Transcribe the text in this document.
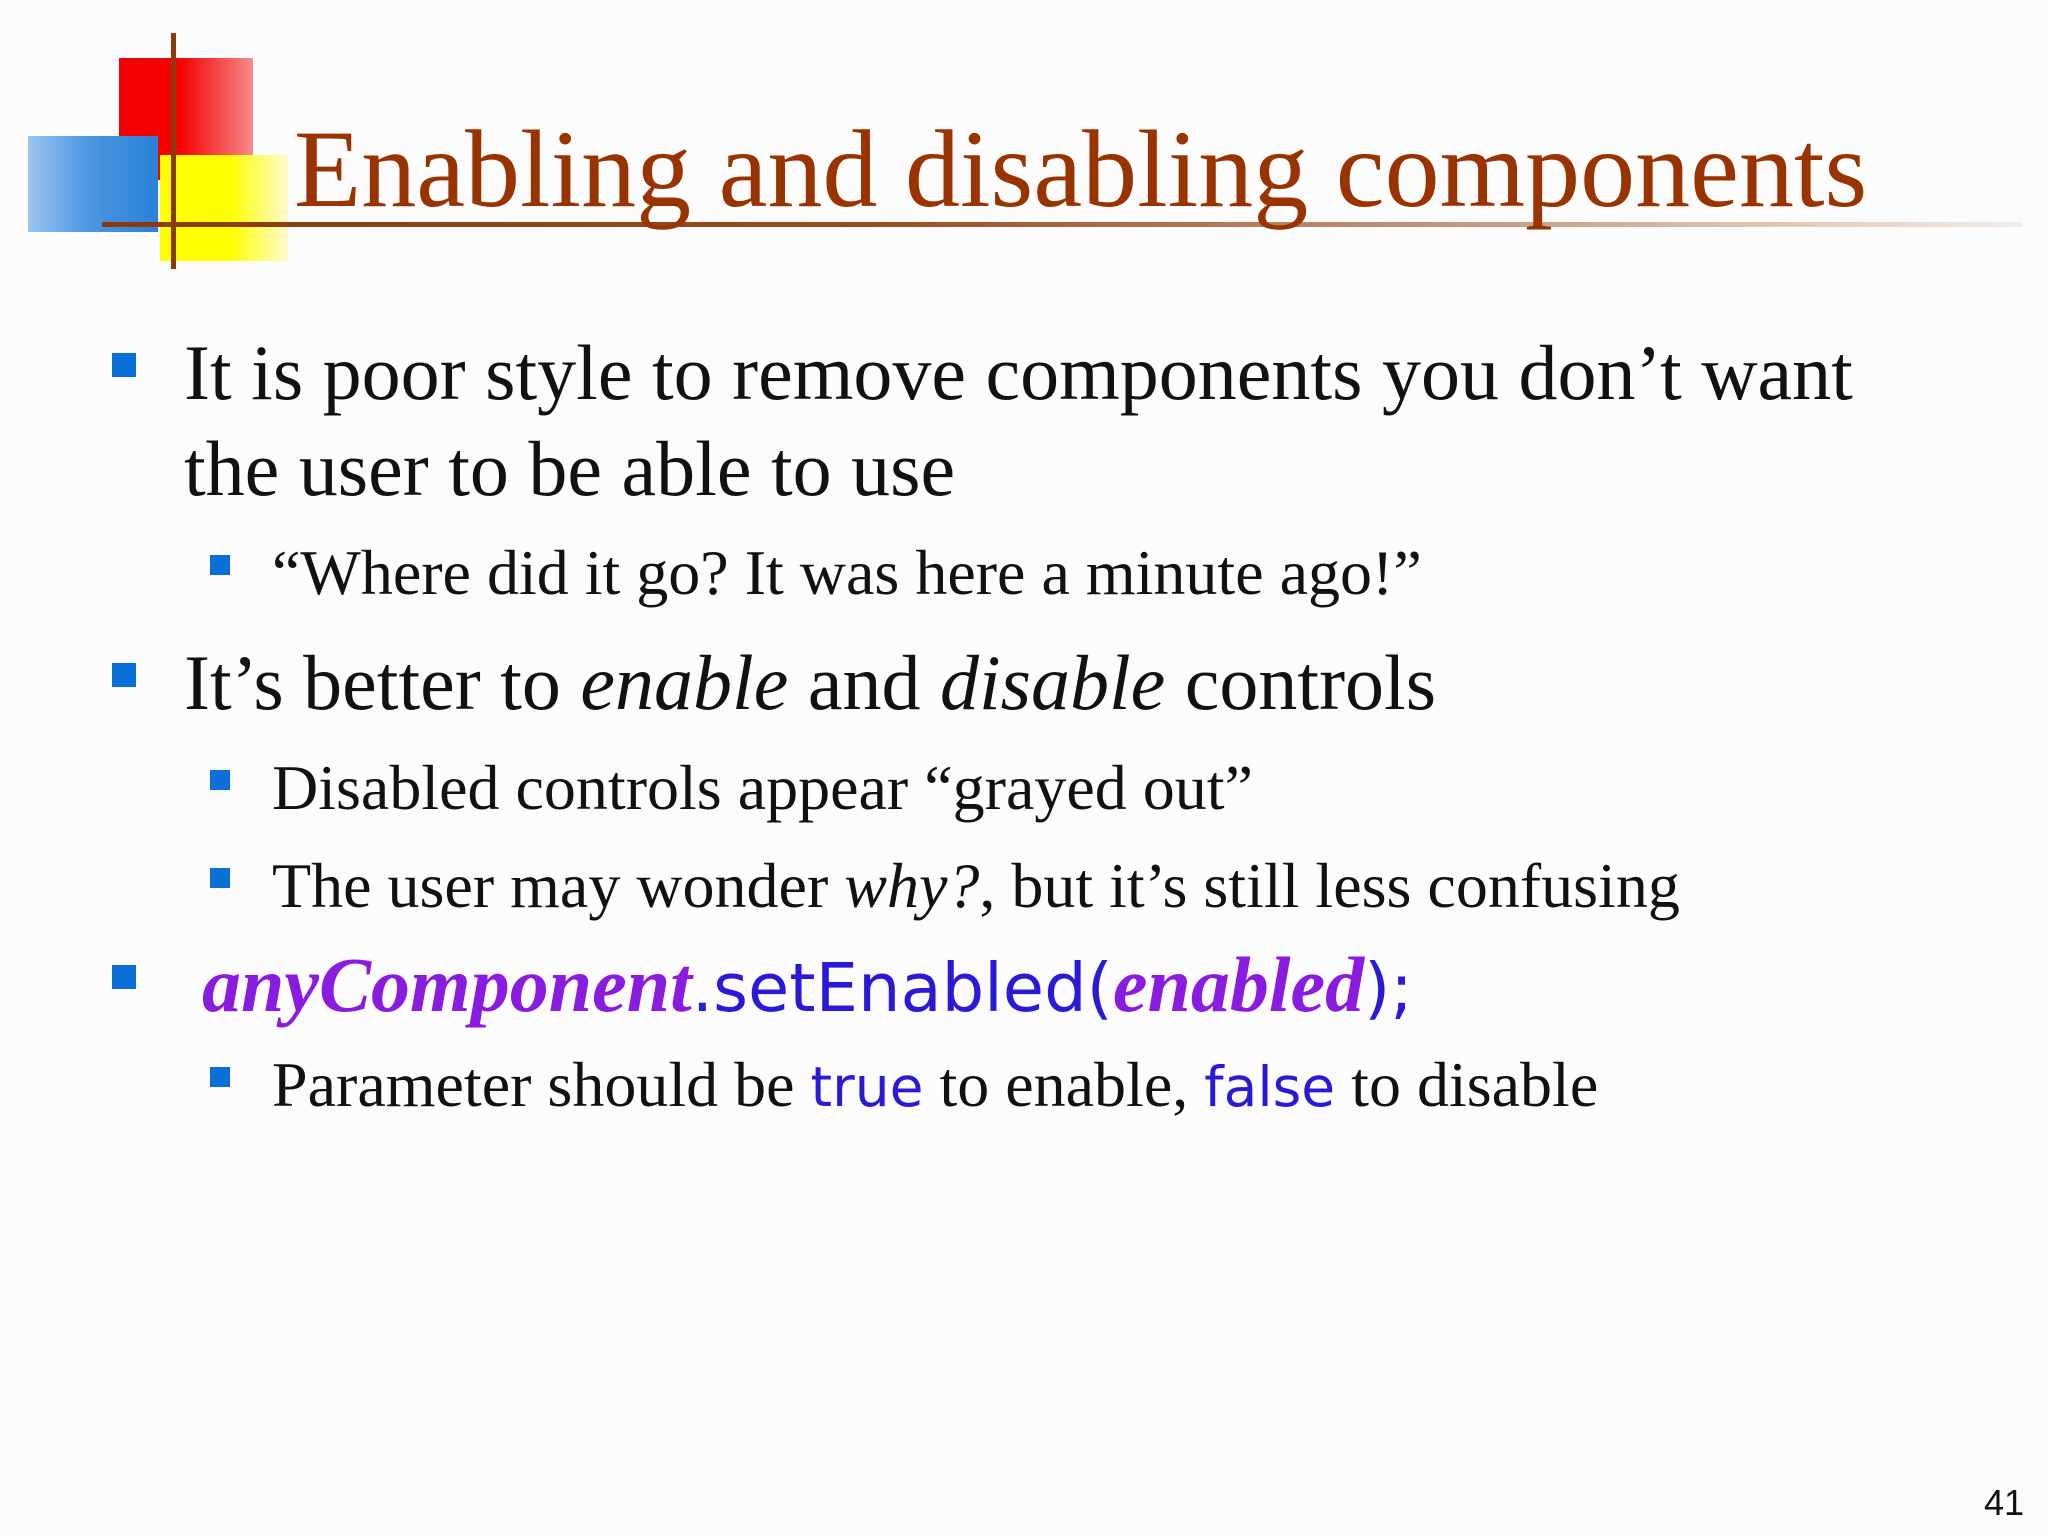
Enabling and disabling components
It is poor style to remove components you don’t want
the user to be able to use
“Where did it go? It was here a minute ago!”
It’s better to enable and disable controls
Disabled controls appear “grayed out”
The user may wonder why?, but it’s still less confusing
anyComponent.setEnabled(enabled);
Parameter should be true to enable, false to disable
41
